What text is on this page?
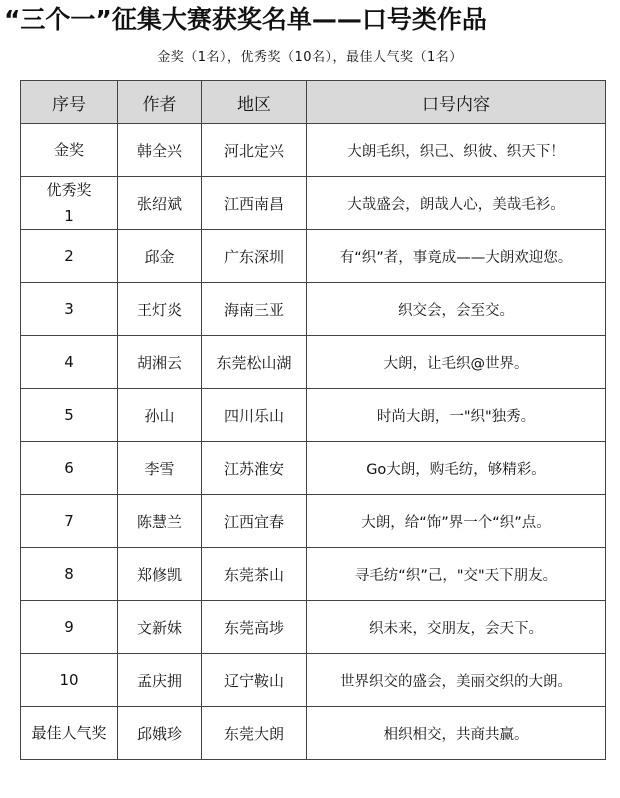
“三个一”征集大赛获奖名单——口号类作品
金奖（1名），优秀奖（10名），最佳人气奖（1名）
序号	作者	地区	口号内容
金奖	韩全兴	河北定兴	大朗毛织，织己、织彼、织天下！
优秀奖
1	张绍斌	江西南昌	大哉盛会，朗哉人心，美哉毛衫。
2	邱金	广东深圳	有“织”者，事竟成——大朗欢迎您。
3	王灯炎	海南三亚	织交会，会至交。
4	胡湘云	东莞松山湖	大朗，让毛织@世界。
5	孙山	四川乐山	时尚大朗，一"织"独秀。
6	李雪	江苏淮安	Go大朗，购毛纺，够精彩。
7	陈慧兰	江西宜春	大朗，给“饰”界一个“织”点。
8	郑修凯	东莞茶山	寻毛纺“织”己，"交"天下朋友。
9	文新妹	东莞高埗	织未来，交朋友，会天下。
10	孟庆拥	辽宁鞍山	世界织交的盛会，美丽交织的大朗。
最佳人气奖	邱娥珍	东莞大朗	相织相交，共商共赢。
